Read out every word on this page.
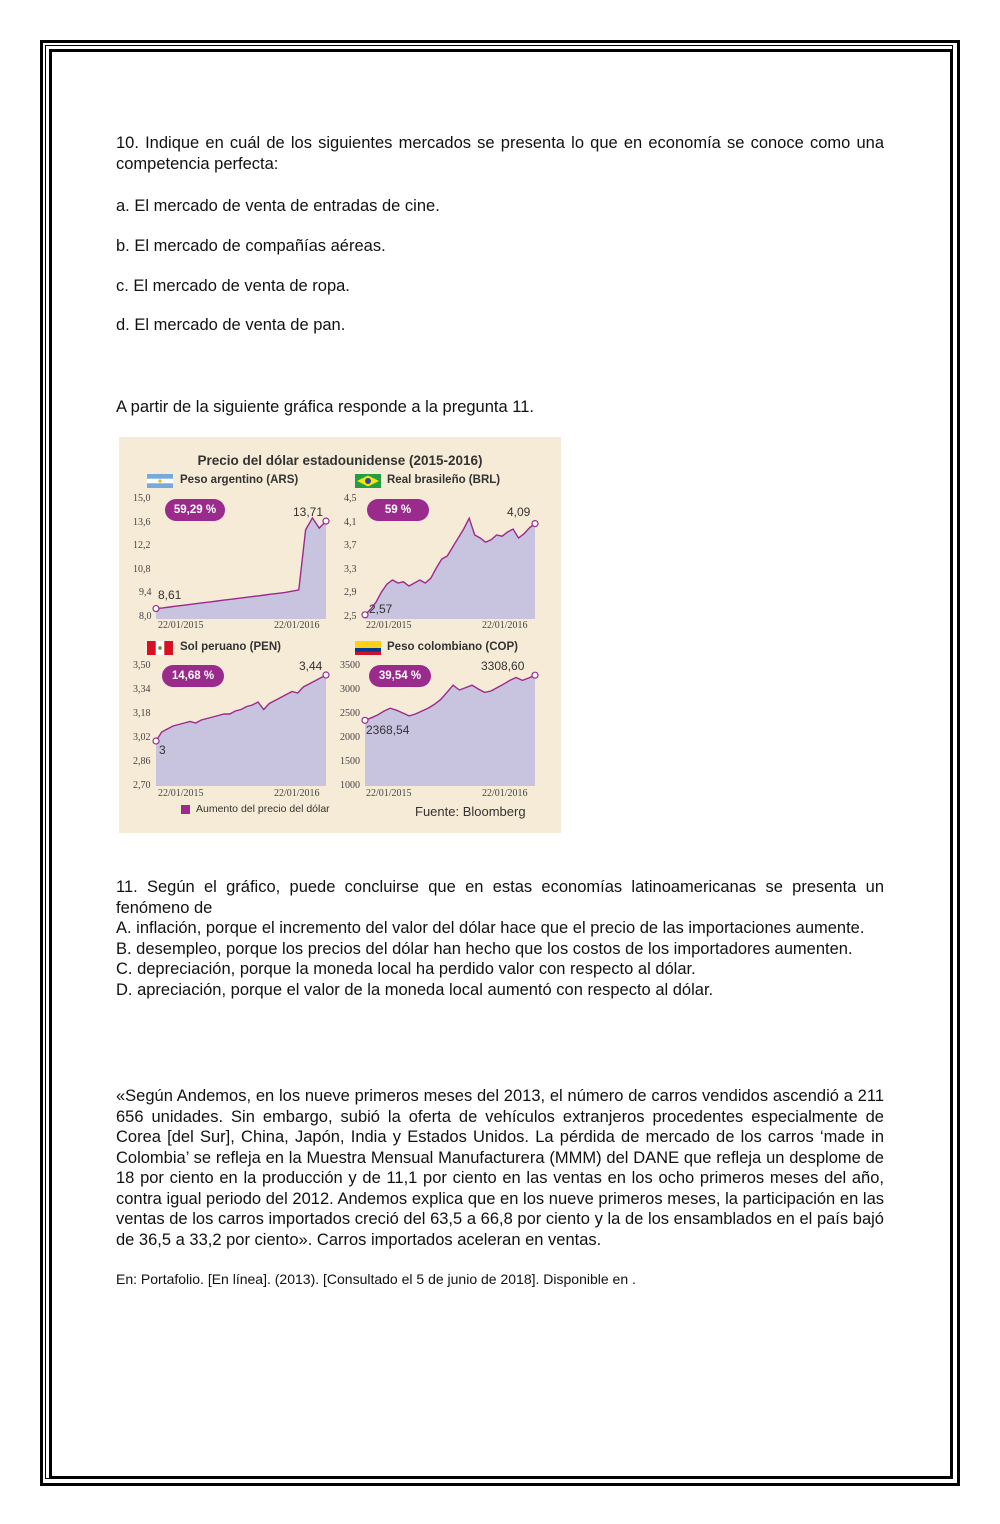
10. Indique en cuál de los siguientes mercados se presenta lo que en economía se conoce como una competencia perfecta:
a. El mercado de venta de entradas de cine.
b. El mercado de compañías aéreas.
c. El mercado de venta de ropa.
d. El mercado de venta de pan.
A partir de la siguiente gráfica responde a la pregunta 11.
Precio del dólar estadounidense (2015-2016)
Peso argentino (ARS)	Real brasileño (BRL)
Sol peruano (PEN)	Peso colombiano (COP)
15,0
13,6
12,2
10,8
9,4
8,0
4,5
4,1
3,7
3,3
2,9
2,5
3,50
3,34
3,18
3,02
2,86
2,70
3500
3000
2500
2000
1500
1000
22/01/2015	22/01/2016	22/01/2015	22/01/2016
22/01/2015	22/01/2016	22/01/2015	22/01/2016
59,29 %	59 %
14,68 %	39,54 %
8,61
13,71
2,57
4,09
3
3,44
2368,54
3308,60
Aumento del precio del dólar	Fuente: Bloomberg
11. Según el gráfico, puede concluirse que en estas economías latinoamericanas se presenta un fenómeno de
A. inflación, porque el incremento del valor del dólar hace que el precio de las importaciones aumente.
B. desempleo, porque los precios del dólar han hecho que los costos de los importadores aumenten.
C. depreciación, porque la moneda local ha perdido valor con respecto al dólar.
D. apreciación, porque el valor de la moneda local aumentó con respecto al dólar.
«Según Andemos, en los nueve primeros meses del 2013, el número de carros vendidos ascendió a 211 656 unidades. Sin embargo, subió la oferta de vehículos extranjeros procedentes especialmente de Corea [del Sur], China, Japón, India y Estados Unidos. La pérdida de mercado de los carros ‘made in Colombia’ se refleja en la Muestra Mensual Manufacturera (MMM) del DANE que refleja un desplome de 18 por ciento en la producción y de 11,1 por ciento en las ventas en los ocho primeros meses del año, contra igual periodo del 2012. Andemos explica que en los nueve primeros meses, la participación en las ventas de los carros importados creció del 63,5 a 66,8 por ciento y la de los ensamblados en el país bajó de 36,5 a 33,2 por ciento». Carros importados aceleran en ventas.
En: Portafolio. [En línea]. (2013). [Consultado el 5 de junio de 2018]. Disponible en .
